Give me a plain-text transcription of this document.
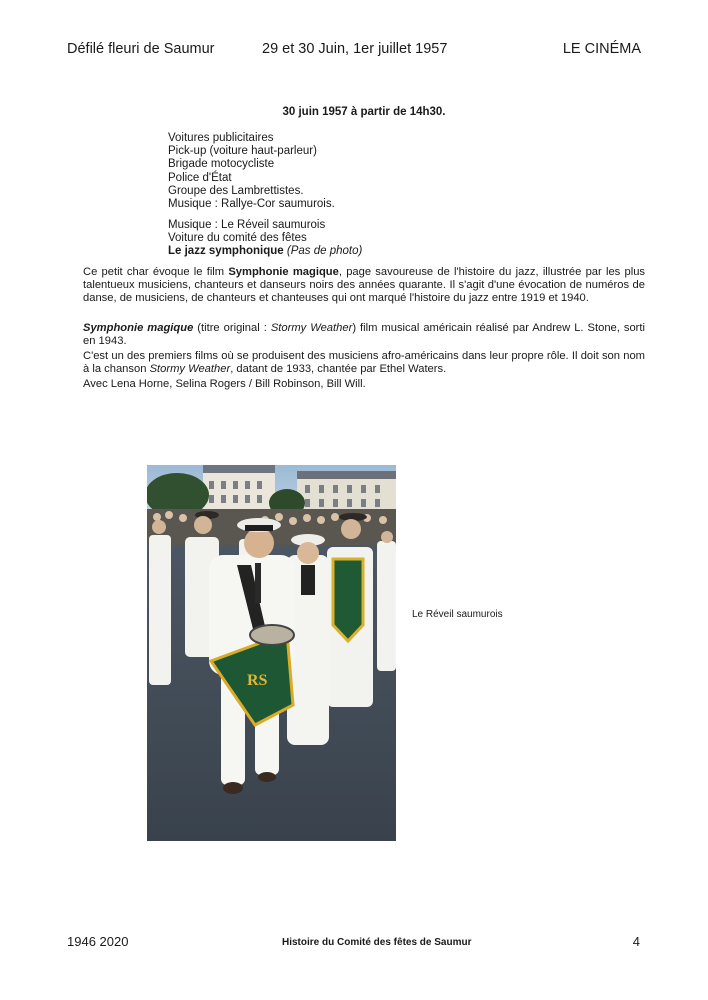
Défilé fleuri de Saumur	29 et 30 Juin, 1er juillet 1957	LE CINÉMA
30 juin 1957 à partir de 14h30.
Voitures publicitaires
Pick-up (voiture haut-parleur)
Brigade motocycliste
Police d'État
Groupe des Lambrettistes.
Musique : Rallye-Cor saumurois.
Musique : Le Réveil saumurois
Voiture du comité des fêtes
Le jazz symphonique (Pas de photo)
Ce petit char évoque le film Symphonie magique, page savoureuse de l'histoire du jazz, illustrée par les plus talentueux musiciens, chanteurs et danseurs noirs des années quarante. Il s'agit d'une évocation de numéros de danse, de musiciens, de chanteurs et chanteuses qui ont marqué l'histoire du jazz entre 1919 et 1940.
Symphonie magique (titre original : Stormy Weather) film musical américain réalisé par Andrew L. Stone, sorti en 1943.
C'est un des premiers films où se produisent des musiciens afro-américains dans leur propre rôle. Il doit son nom à la chanson Stormy Weather, datant de 1933, chantée par Ethel Waters.
Avec Lena Horne, Selina Rogers / Bill Robinson, Bill Will.
RS
Le Réveil saumurois
1946 2020	Histoire du Comité des fêtes de Saumur	4
